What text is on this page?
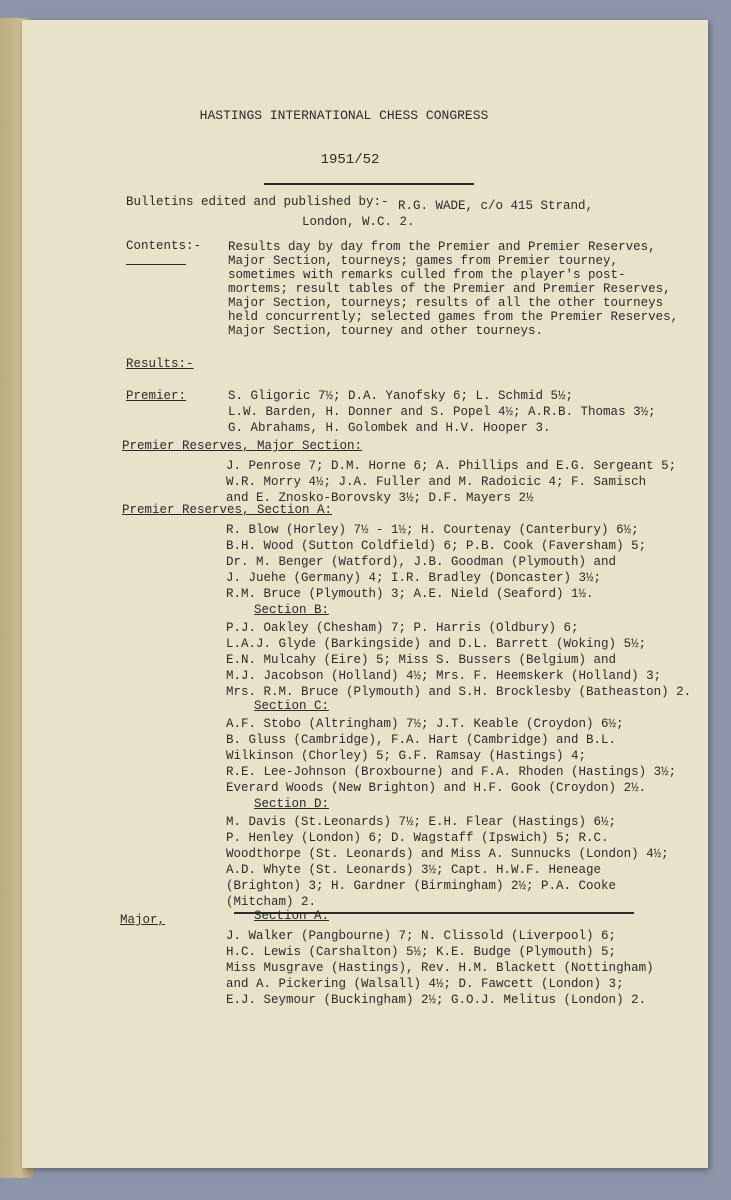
HASTINGS INTERNATIONAL CHESS CONGRESS
1951/52
Bulletins edited and published by:- R.G. WADE, c/o 415 Strand,
London, W.C. 2.
Contents:- Results day by day from the Premier and Premier Reserves,
Major Section, tourneys; games from Premier tourney,
sometimes with remarks culled from the player's post-
mortems; result tables of the Premier and Premier Reserves,
Major Section, tourneys; results of all the other tourneys
held concurrently; selected games from the Premier Reserves,
Major Section, tourney and other tourneys.
Results:-
Premier:	S. Gligoric 7½; D.A. Yanofsky 6; L. Schmid 5½;
L.W. Barden, H. Donner and S. Popel 4½; A.R.B. Thomas 3½;
G. Abrahams, H. Golombek and H.V. Hooper 3.
Premier Reserves, Major Section:
J. Penrose 7; D.M. Horne 6; A. Phillips and E.G. Sergeant 5;
W.R. Morry 4½; J.A. Fuller and M. Radoicic 4; F. Samisch
and E. Znosko-Borovsky 3½; D.F. Mayers 2½
Premier Reserves, Section A:
R. Blow (Horley) 7½ - 1½; H. Courtenay (Canterbury) 6½;
B.H. Wood (Sutton Coldfield) 6; P.B. Cook (Faversham) 5;
Dr. M. Benger (Watford), J.B. Goodman (Plymouth) and
J. Juehe (Germany) 4; I.R. Bradley (Doncaster) 3½;
R.M. Bruce (Plymouth) 3; A.E. Nield (Seaford) 1½.
Section B:
P.J. Oakley (Chesham) 7; P. Harris (Oldbury) 6;
L.A.J. Glyde (Barkingside) and D.L. Barrett (Woking) 5½;
E.N. Mulcahy (Eire) 5; Miss S. Bussers (Belgium) and
M.J. Jacobson (Holland) 4½; Mrs. F. Heemskerk (Holland) 3;
Mrs. R.M. Bruce (Plymouth) and S.H. Brocklesby (Batheaston) 2.
Section C:
A.F. Stobo (Altringham) 7½; J.T. Keable (Croydon) 6½;
B. Gluss (Cambridge), F.A. Hart (Cambridge) and B.L.
Wilkinson (Chorley) 5; G.F. Ramsay (Hastings) 4;
R.E. Lee-Johnson (Broxbourne) and F.A. Rhoden (Hastings) 3½;
Everard Woods (New Brighton) and H.F. Gook (Croydon) 2½.
Section D:
M. Davis (St.Leonards) 7½; E.H. Flear (Hastings) 6½;
P. Henley (London) 6; D. Wagstaff (Ipswich) 5; R.C.
Woodthorpe (St. Leonards) and Miss A. Sunnucks (London) 4½;
A.D. Whyte (St. Leonards) 3½; Capt. H.W.F. Heneage
(Brighton) 3; H. Gardner (Birmingham) 2½; P.A. Cooke
(Mitcham) 2.
Major,	Section A:
J. Walker (Pangbourne) 7; N. Clissold (Liverpool) 6;
H.C. Lewis (Carshalton) 5½; K.E. Budge (Plymouth) 5;
Miss Musgrave (Hastings), Rev. H.M. Blackett (Nottingham)
and A. Pickering (Walsall) 4½; D. Fawcett (London) 3;
E.J. Seymour (Buckingham) 2½; G.O.J. Melitus (London) 2.
